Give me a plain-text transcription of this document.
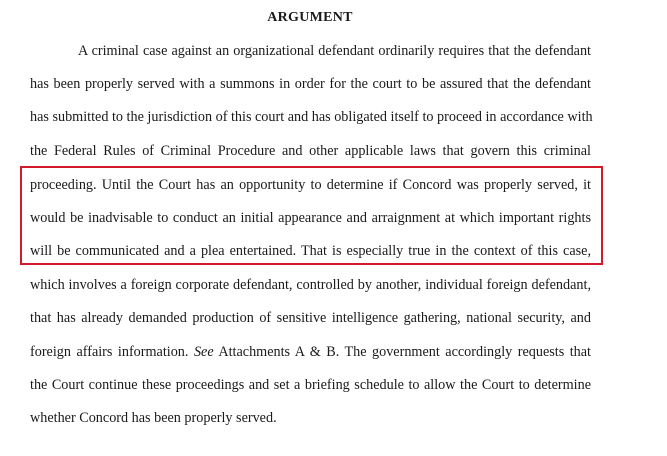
ARGUMENT
A criminal case against an organizational defendant ordinarily requires that the defendant
has been properly served with a summons in order for the court to be assured that the defendant
has submitted to the jurisdiction of this court and has obligated itself to proceed in accordance with
the Federal Rules of Criminal Procedure and other applicable laws that govern this criminal
proceeding. Until the Court has an opportunity to determine if Concord was properly served, it
would be inadvisable to conduct an initial appearance and arraignment at which important rights
will be communicated and a plea entertained. That is especially true in the context of this case,
which involves a foreign corporate defendant, controlled by another, individual foreign defendant,
that has already demanded production of sensitive intelligence gathering, national security, and
foreign affairs information. See Attachments A & B. The government accordingly requests that
the Court continue these proceedings and set a briefing schedule to allow the Court to determine
whether Concord has been properly served.
